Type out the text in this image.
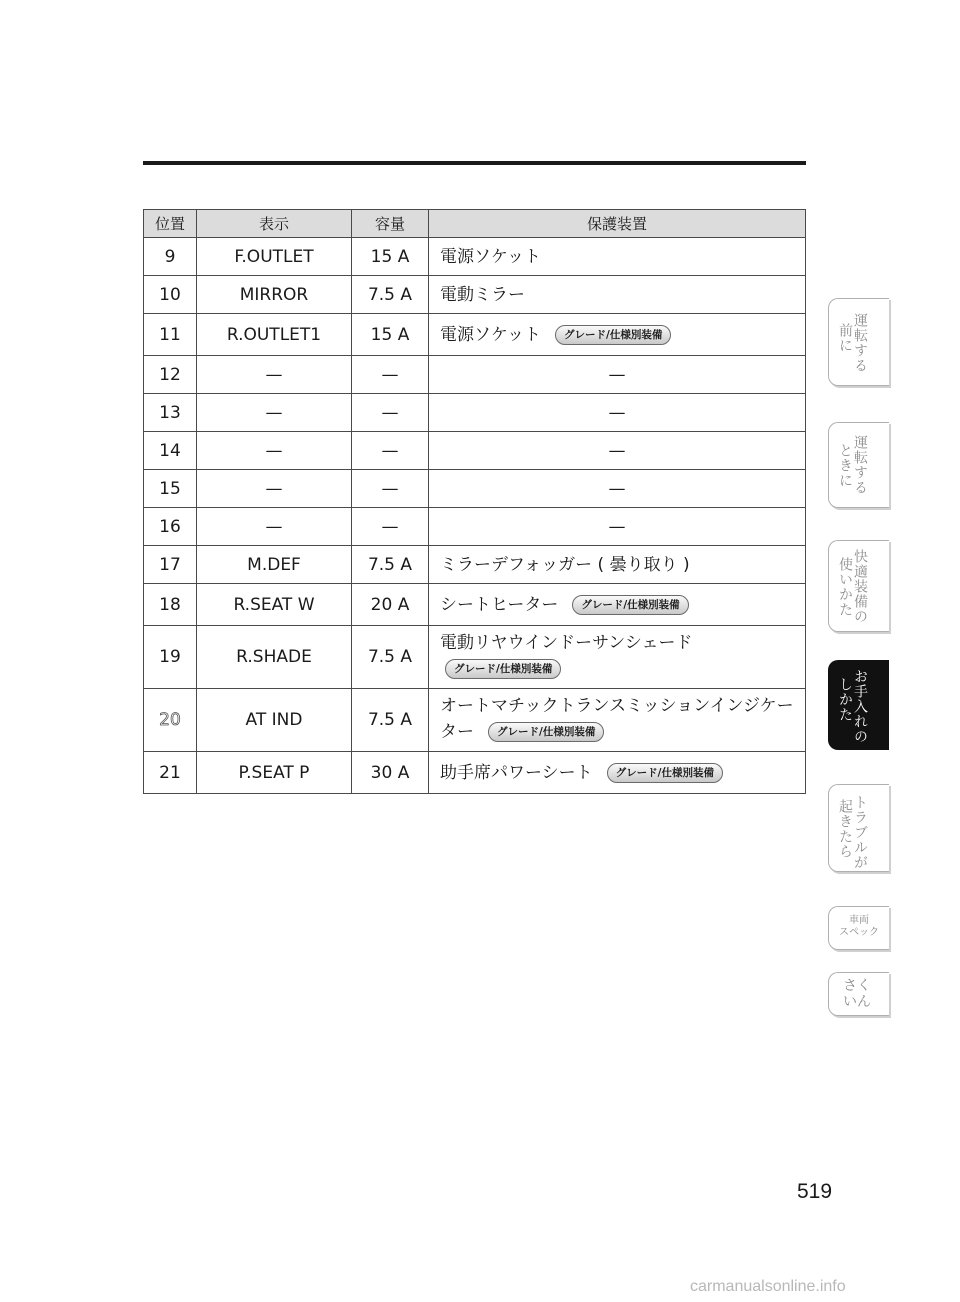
位置	表示	容量	保護装置
9	F.OUTLET	15 A	電源ソケット
10	MIRROR	7.5 A	電動ミラー
11	R.OUTLET1	15 A	電源ソケット グレード/仕様別装備
12	—	—	—
13	—	—	—
14	—	—	—
15	—	—	—
16	—	—	—
17	M.DEF	7.5 A	ミラーデフォッガー ( 曇り取り )
18	R.SEAT W	20 A	シートヒーター グレード/仕様別装備
19	R.SHADE	7.5 A	電動リヤウインドーサンシェード
グレード/仕様別装備
20	AT IND	7.5 A	オートマチックトランスミッションインジケー
ター グレード/仕様別装備
21	P.SEAT P	30 A	助手席パワーシート グレード/仕様別装備
運転する
前に
運転する
ときに
快適装備の
使いかた
お手入れの
しかた
トラブルが
起きたら
車両
スペック
さく
いん
519
carmanualsonline.info
